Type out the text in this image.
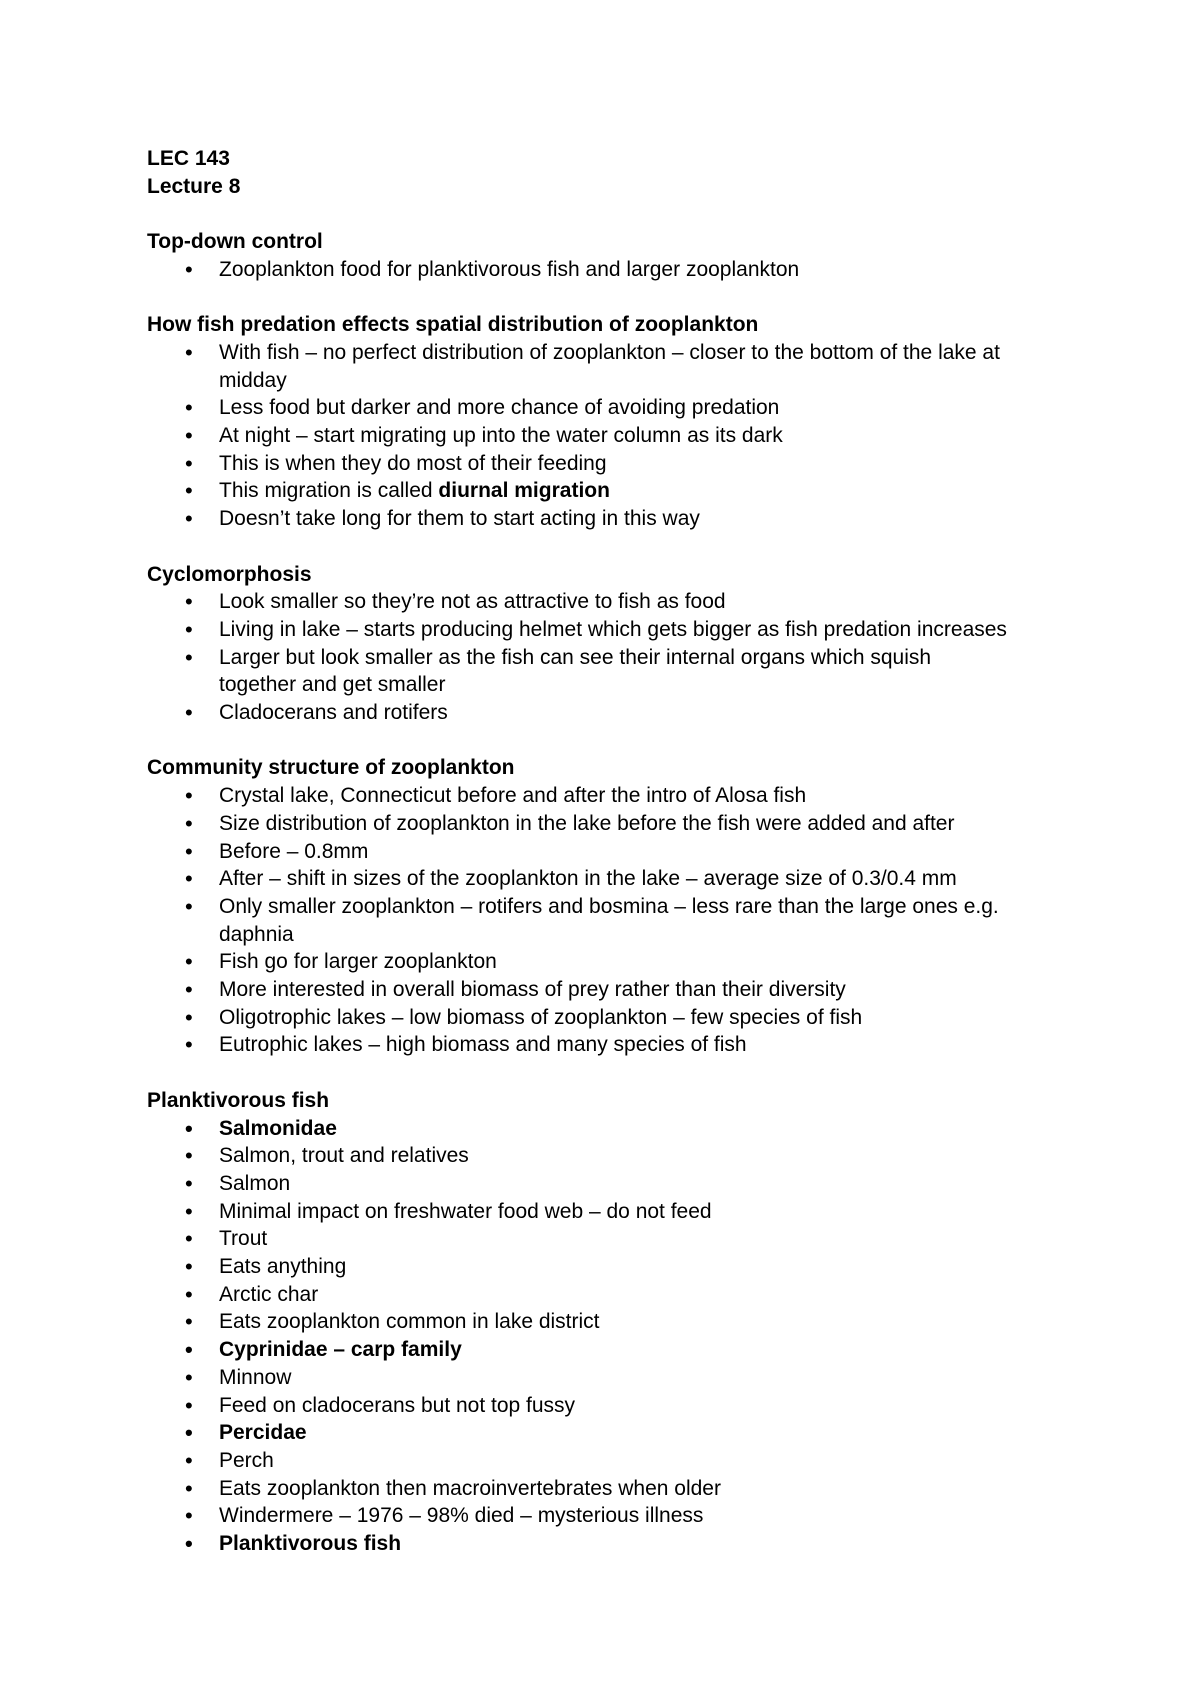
LEC 143

Lecture 8

Top-down control

• Zooplankton food for planktivorous fish and larger zooplankton

How fish predation effects spatial distribution of zooplankton

• With fish – no perfect distribution of zooplankton – closer to the bottom of the lake at
midday
• Less food but darker and more chance of avoiding predation
• At night – start migrating up into the water column as its dark
• This is when they do most of their feeding
• This migration is called diurnal migration
• Doesn’t take long for them to start acting in this way

Cyclomorphosis

• Look smaller so they’re not as attractive to fish as food
• Living in lake – starts producing helmet which gets bigger as fish predation increases
• Larger but look smaller as the fish can see their internal organs which squish
together and get smaller
• Cladocerans and rotifers

Community structure of zooplankton

• Crystal lake, Connecticut before and after the intro of Alosa fish
• Size distribution of zooplankton in the lake before the fish were added and after
• Before – 0.8mm
• After – shift in sizes of the zooplankton in the lake – average size of 0.3/0.4 mm
• Only smaller zooplankton – rotifers and bosmina – less rare than the large ones e.g.
daphnia
• Fish go for larger zooplankton
• More interested in overall biomass of prey rather than their diversity
• Oligotrophic lakes – low biomass of zooplankton – few species of fish
• Eutrophic lakes – high biomass and many species of fish

Planktivorous fish

• Salmonidae
• Salmon, trout and relatives
• Salmon
• Minimal impact on freshwater food web – do not feed
• Trout
• Eats anything
• Arctic char
• Eats zooplankton common in lake district
• Cyprinidae – carp family
• Minnow
• Feed on cladocerans but not top fussy
• Percidae
• Perch
• Eats zooplankton then macroinvertebrates when older
• Windermere – 1976 – 98% died – mysterious illness
• Planktivorous fish
